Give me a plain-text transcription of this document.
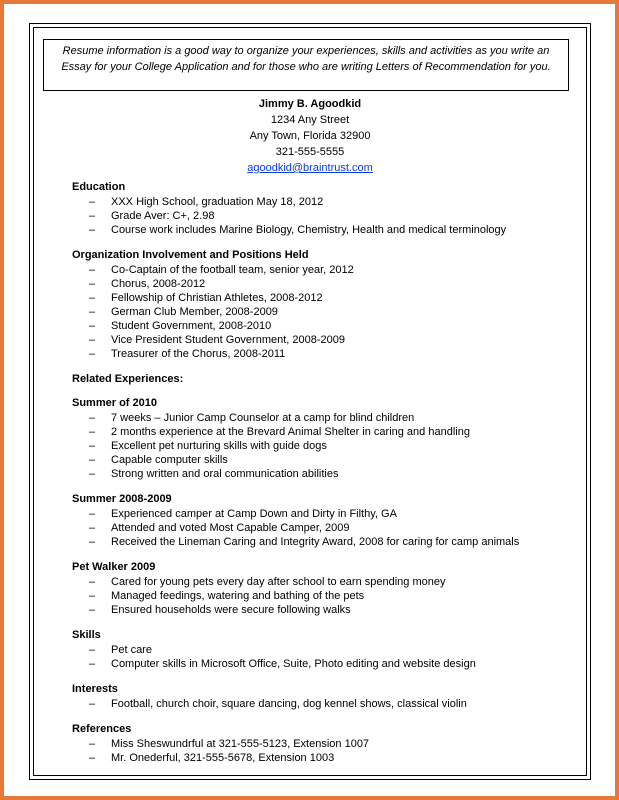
Resume information is a good way to organize your experiences, skills and activities as you write an Essay for your College Application and for those who are writing Letters of Recommendation for you.
Jimmy B. Agoodkid
1234 Any Street
Any Town, Florida 32900
321-555-5555
agoodkid@braintrust.com
Education
– XXX High School, graduation May 18, 2012
– Grade Aver: C+, 2.98
– Course work includes Marine Biology, Chemistry, Health and medical terminology
Organization Involvement and Positions Held
– Co-Captain of the football team, senior year, 2012
– Chorus, 2008-2012
– Fellowship of Christian Athletes, 2008-2012
– German Club Member, 2008-2009
– Student Government, 2008-2010
– Vice President Student Government, 2008-2009
– Treasurer of the Chorus, 2008-2011
Related Experiences:
Summer of 2010
– 7 weeks – Junior Camp Counselor at a camp for blind children
– 2 months experience at the Brevard Animal Shelter in caring and handling
– Excellent pet nurturing skills with guide dogs
– Capable computer skills
– Strong written and oral communication abilities
Summer 2008-2009
– Experienced camper at Camp Down and Dirty in Filthy, GA
– Attended and voted Most Capable Camper, 2009
– Received the Lineman Caring and Integrity Award, 2008 for caring for camp animals
Pet Walker 2009
– Cared for young pets every day after school to earn spending money
– Managed feedings, watering and bathing of the pets
– Ensured households were secure following walks
Skills
– Pet care
– Computer skills in Microsoft Office, Suite, Photo editing and website design
Interests
– Football, church choir, square dancing, dog kennel shows, classical violin
References
– Miss Sheswundrful at 321-555-5123, Extension 1007
– Mr. Onederful, 321-555-5678, Extension 1003
